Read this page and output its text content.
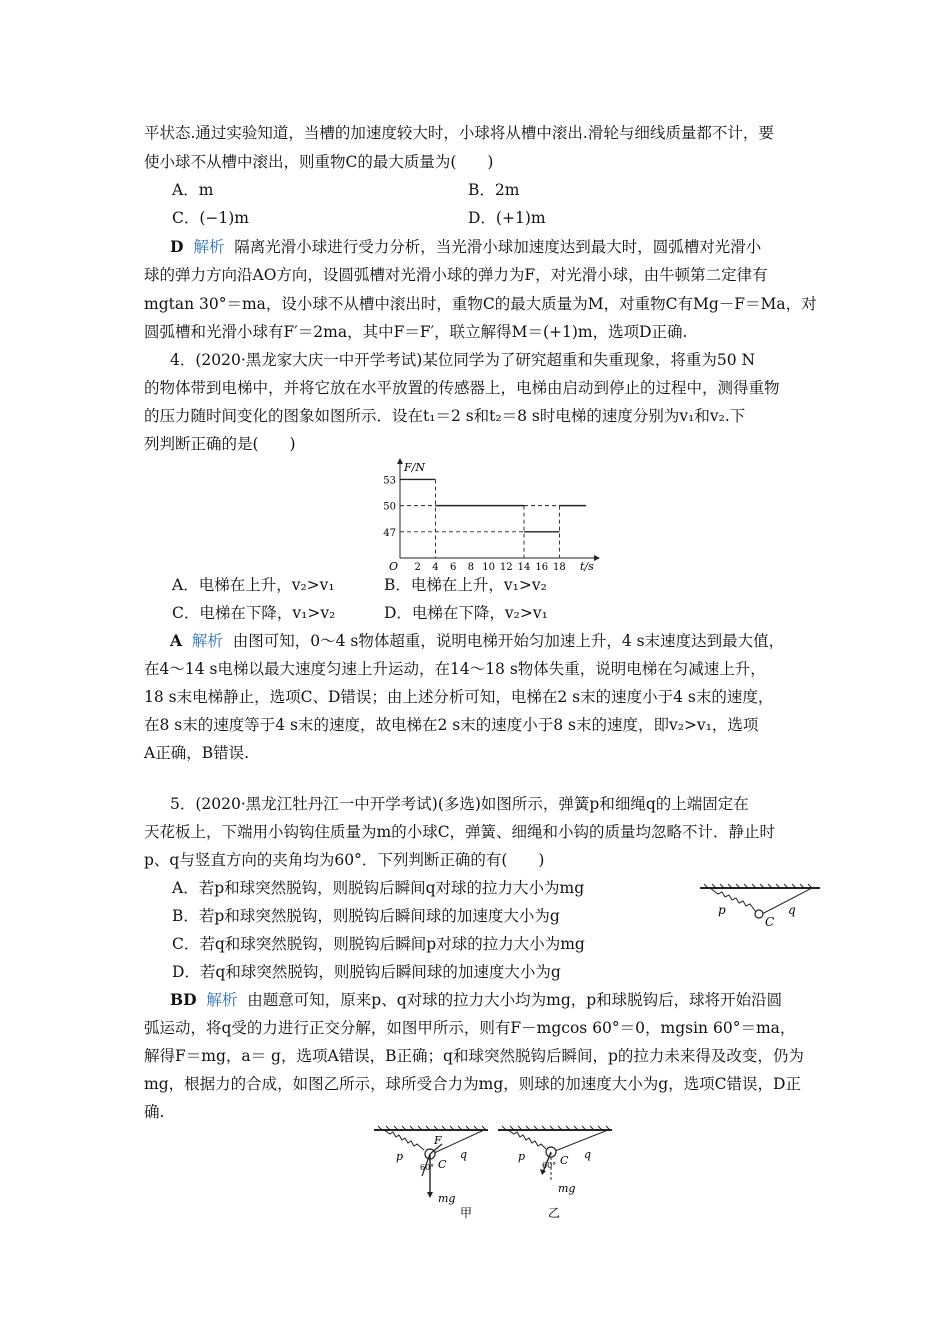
平状态.通过实验知道，当槽的加速度较大时，小球将从槽中滚出.滑轮与细线质量都不计，要
使小球不从槽中滚出，则重物C的最大质量为(　　)
A．m	B．2m
C．(−1)m	D．(+1)m
D 解析 隔离光滑小球进行受力分析，当光滑小球加速度达到最大时，圆弧槽对光滑小
球的弹力方向沿AO方向，设圆弧槽对光滑小球的弹力为F，对光滑小球，由牛顿第二定律有
mgtan 30°＝ma，设小球不从槽中滚出时，重物C的最大质量为M，对重物C有Mg－F＝Ma，对
圆弧槽和光滑小球有F′＝2ma，其中F＝F′，联立解得M＝(+1)m，选项D正确.
4．(2020·黑龙家大庆一中开学考试)某位同学为了研究超重和失重现象，将重为50 N
的物体带到电梯中，并将它放在水平放置的传感器上，电梯由启动到停止的过程中，测得重物
的压力随时间变化的图象如图所示．设在t₁＝2 s和t₂＝8 s时电梯的速度分别为v₁和v₂.下
列判断正确的是(　　)
F/N
t/s
O 2 4 6 8 10 12 14 16 18
47
50
53
A．电梯在上升，v₂>v₁	B．电梯在上升，v₁>v₂
C．电梯在下降，v₁>v₂	D．电梯在下降，v₂>v₁
A 解析 由图可知，0～4 s物体超重，说明电梯开始匀加速上升，4 s末速度达到最大值，
在4～14 s电梯以最大速度匀速上升运动，在14～18 s物体失重，说明电梯在匀减速上升，
18 s末电梯静止，选项C、D错误；由上述分析可知，电梯在2 s末的速度小于4 s末的速度，
在8 s末的速度等于4 s末的速度，故电梯在2 s末的速度小于8 s末的速度，即v₂>v₁，选项
A正确，B错误.
5．(2020·黑龙江牡丹江一中开学考试)(多选)如图所示，弹簧p和细绳q的上端固定在
天花板上，下端用小钩钩住质量为m的小球C，弹簧、细绳和小钩的质量均忽略不计．静止时
p、q与竖直方向的夹角均为60°．下列判断正确的有(　　)
A．若p和球突然脱钩，则脱钩后瞬间q对球的拉力大小为mg
B．若p和球突然脱钩，则脱钩后瞬间球的加速度大小为g
C．若q和球突然脱钩，则脱钩后瞬间p对球的拉力大小为mg
D．若q和球突然脱钩，则脱钩后瞬间球的加速度大小为g
p	q
C
BD 解析 由题意可知，原来p、q对球的拉力大小均为mg，p和球脱钩后，球将开始沿圆
弧运动，将q受的力进行正交分解，如图甲所示，则有F－mgcos 60°＝0，mgsin 60°＝ma，
解得F＝mg，a＝ g，选项A错误，B正确；q和球突然脱钩后瞬间，p的拉力未来得及改变，仍为
mg，根据力的合成，如图乙所示，球所受合力为mg，则球的加速度大小为g，选项C错误，D正
确.
F
p	q
C
60°
mg
甲
p	q
C
60°
mg
乙
